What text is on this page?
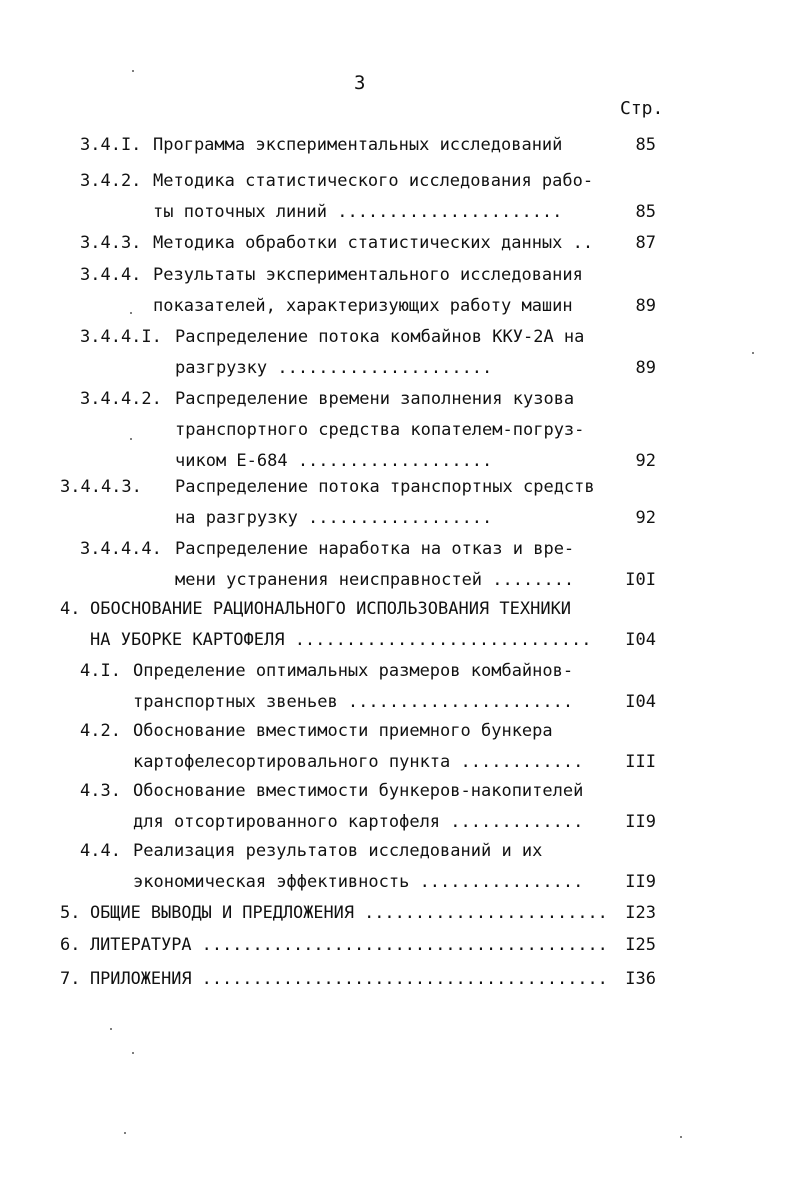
3
Стр.
3.4.I. Программа экспериментальных исследований	85
3.4.2. Методика статистического исследования рабо-
ты поточных линий ......................	85
3.4.3. Методика обработки статистических данных ..	87
3.4.4. Результаты экспериментального исследования
показателей, характеризующих работу машин	89
3.4.4.I. Распределение потока комбайнов ККУ-2А на
разгрузку .....................	89
3.4.4.2. Распределение времени заполнения кузова
транспортного средства копателем-погруз-
чиком Е-684 ...................	92
3.4.4.3. Распределение потока транспортных средств
на разгрузку ..................	92
3.4.4.4. Распределение наработка на отказ и вре-
мени устранения неисправностей ........	I0I
4. ОБОСНОВАНИЕ РАЦИОНАЛЬНОГО ИСПОЛЬЗОВАНИЯ ТЕХНИКИ
НА УБОРКЕ КАРТОФЕЛЯ .............................	I04
4.I. Определение оптимальных размеров комбайнов-
транспортных звеньев ......................	I04
4.2. Обоснование вместимости приемного бункера
картофелесортировального пункта ............	III
4.3. Обоснование вместимости бункеров-накопителей
для отсортированного картофеля .............	II9
4.4. Реализация результатов исследований и их
экономическая эффективность ................	II9
5. ОБЩИЕ ВЫВОДЫ И ПРЕДЛОЖЕНИЯ ........................	I23
6. ЛИТЕРАТУРА ........................................	I25
7. ПРИЛОЖЕНИЯ ........................................	I36
